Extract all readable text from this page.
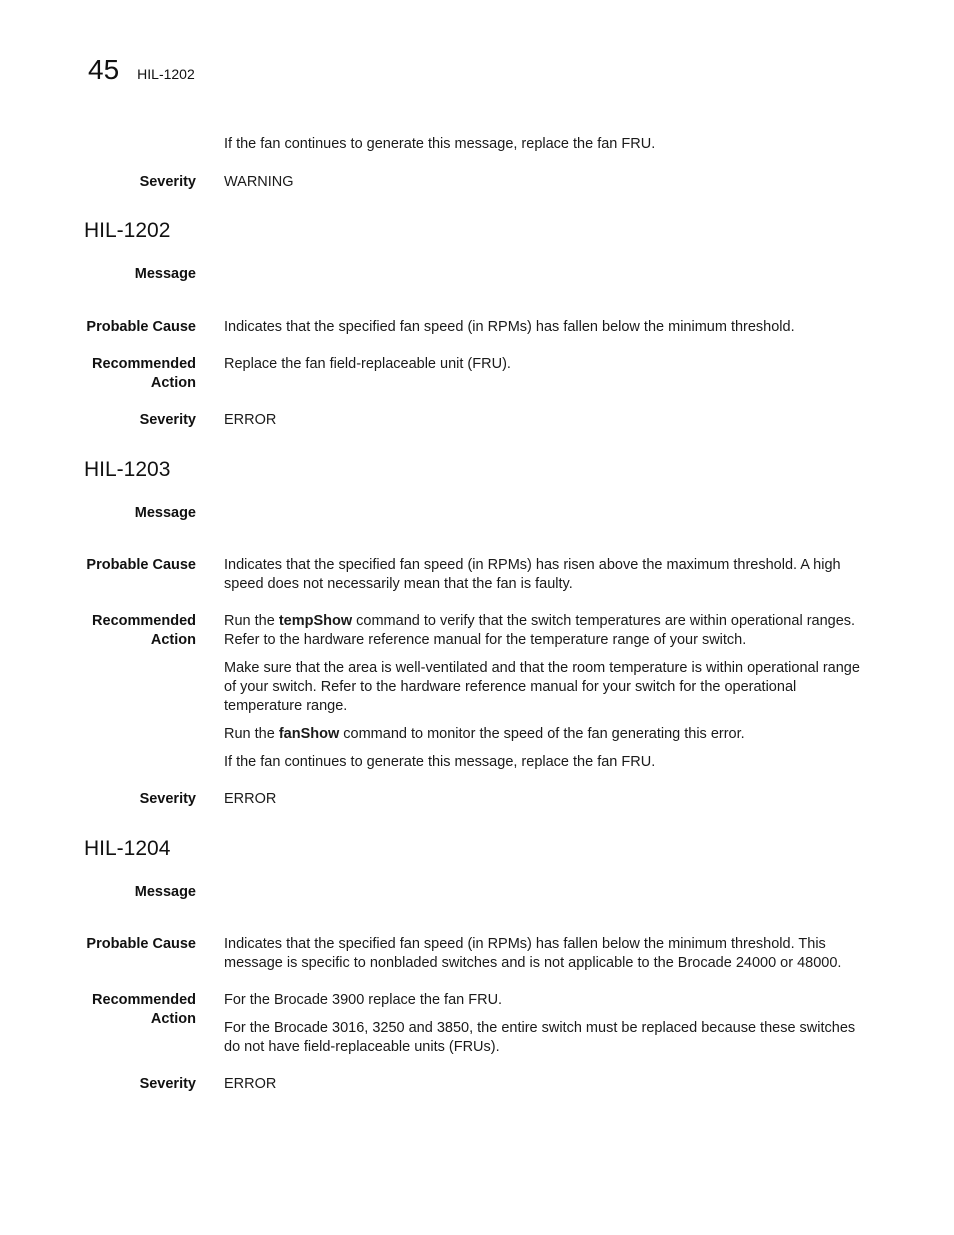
45 HIL-1202
If the fan continues to generate this message, replace the fan FRU.
Severity WARNING
HIL-1202
Message
Probable Cause Indicates that the specified fan speed (in RPMs) has fallen below the minimum threshold.
Recommended
Action

Replace the fan field-replaceable unit (FRU).

Severity ERROR
HIL-1203
Message
Probable Cause Indicates that the specified fan speed (in RPMs) has risen above the maximum threshold. A high speed does not necessarily mean that the fan is faulty.
Recommended
Action

Run the tempShow command to verify that the switch temperatures are within operational ranges. Refer to the hardware reference manual for the temperature range of your switch.

Make sure that the area is well-ventilated and that the room temperature is within operational range of your switch. Refer to the hardware reference manual for your switch for the operational temperature range.

Run the fanShow command to monitor the speed of the fan generating this error.

If the fan continues to generate this message, replace the fan FRU.

Severity ERROR
HIL-1204
Message
Probable Cause Indicates that the specified fan speed (in RPMs) has fallen below the minimum threshold. This message is specific to nonbladed switches and is not applicable to the Brocade 24000 or 48000.
Recommended
Action

For the Brocade 3900 replace the fan FRU.

For the Brocade 3016, 3250 and 3850, the entire switch must be replaced because these switches do not have field-replaceable units (FRUs).

Severity ERROR
